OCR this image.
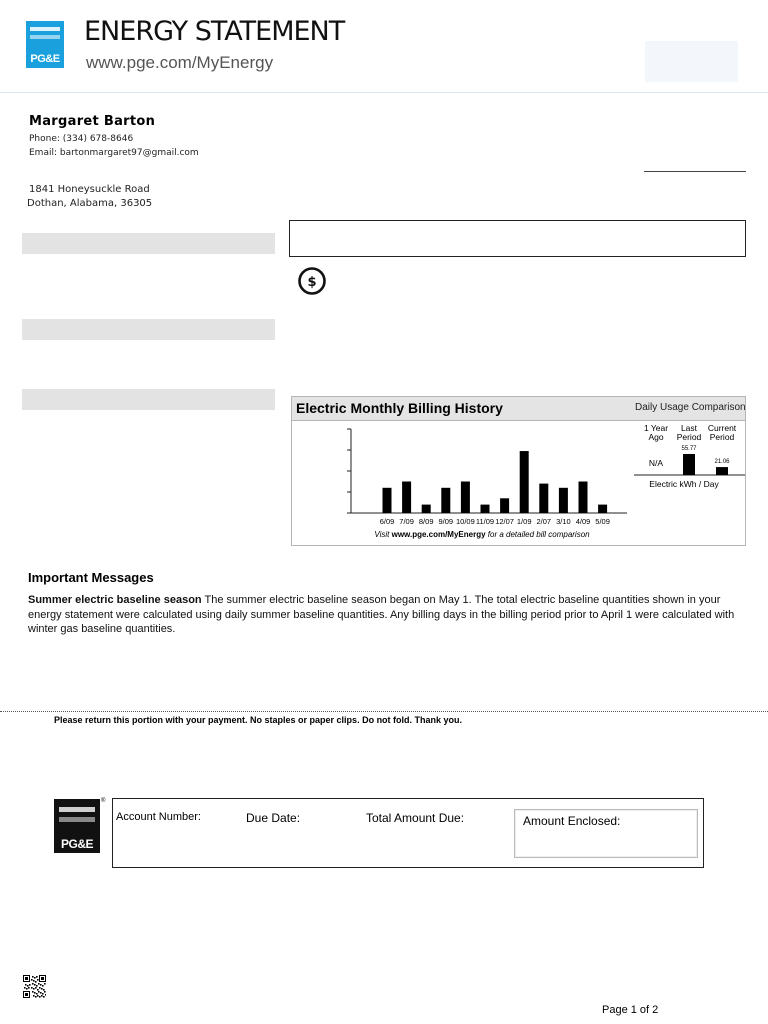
PG&E
ENERGY STATEMENT
www.pge.com/MyEnergy
Margaret Barton
Phone: (334) 678-8646
Email: bartonmargaret97@gmail.com
1841 Honeysuckle Road
Dothan, Alabama, 36305
$
Electric Monthly Billing History	Daily Usage Comparison
6/09 7/09 8/09 9/09 10/09 11/09 12/07 1/09 2/07 3/10 4/09 5/09
1 Year
Ago
Last
Period
Current
Period
N/A
Electric kWh / Day
55.77
21.06
Visit www.pge.com/MyEnergy for a detailed bill comparison
Important Messages
Summer electric baseline season The summer electric baseline season began on May 1. The total electric baseline quantities shown in your energy statement were calculated using daily summer baseline quantities. Any billing days in the billing period prior to April 1 were calculated with winter gas baseline quantities.
Please return this portion with your payment. No staples or paper clips. Do not fold. Thank you.
PG&E
®
Account Number:	Due Date:	Total Amount Due:	Amount Enclosed:
Page 1 of 2
